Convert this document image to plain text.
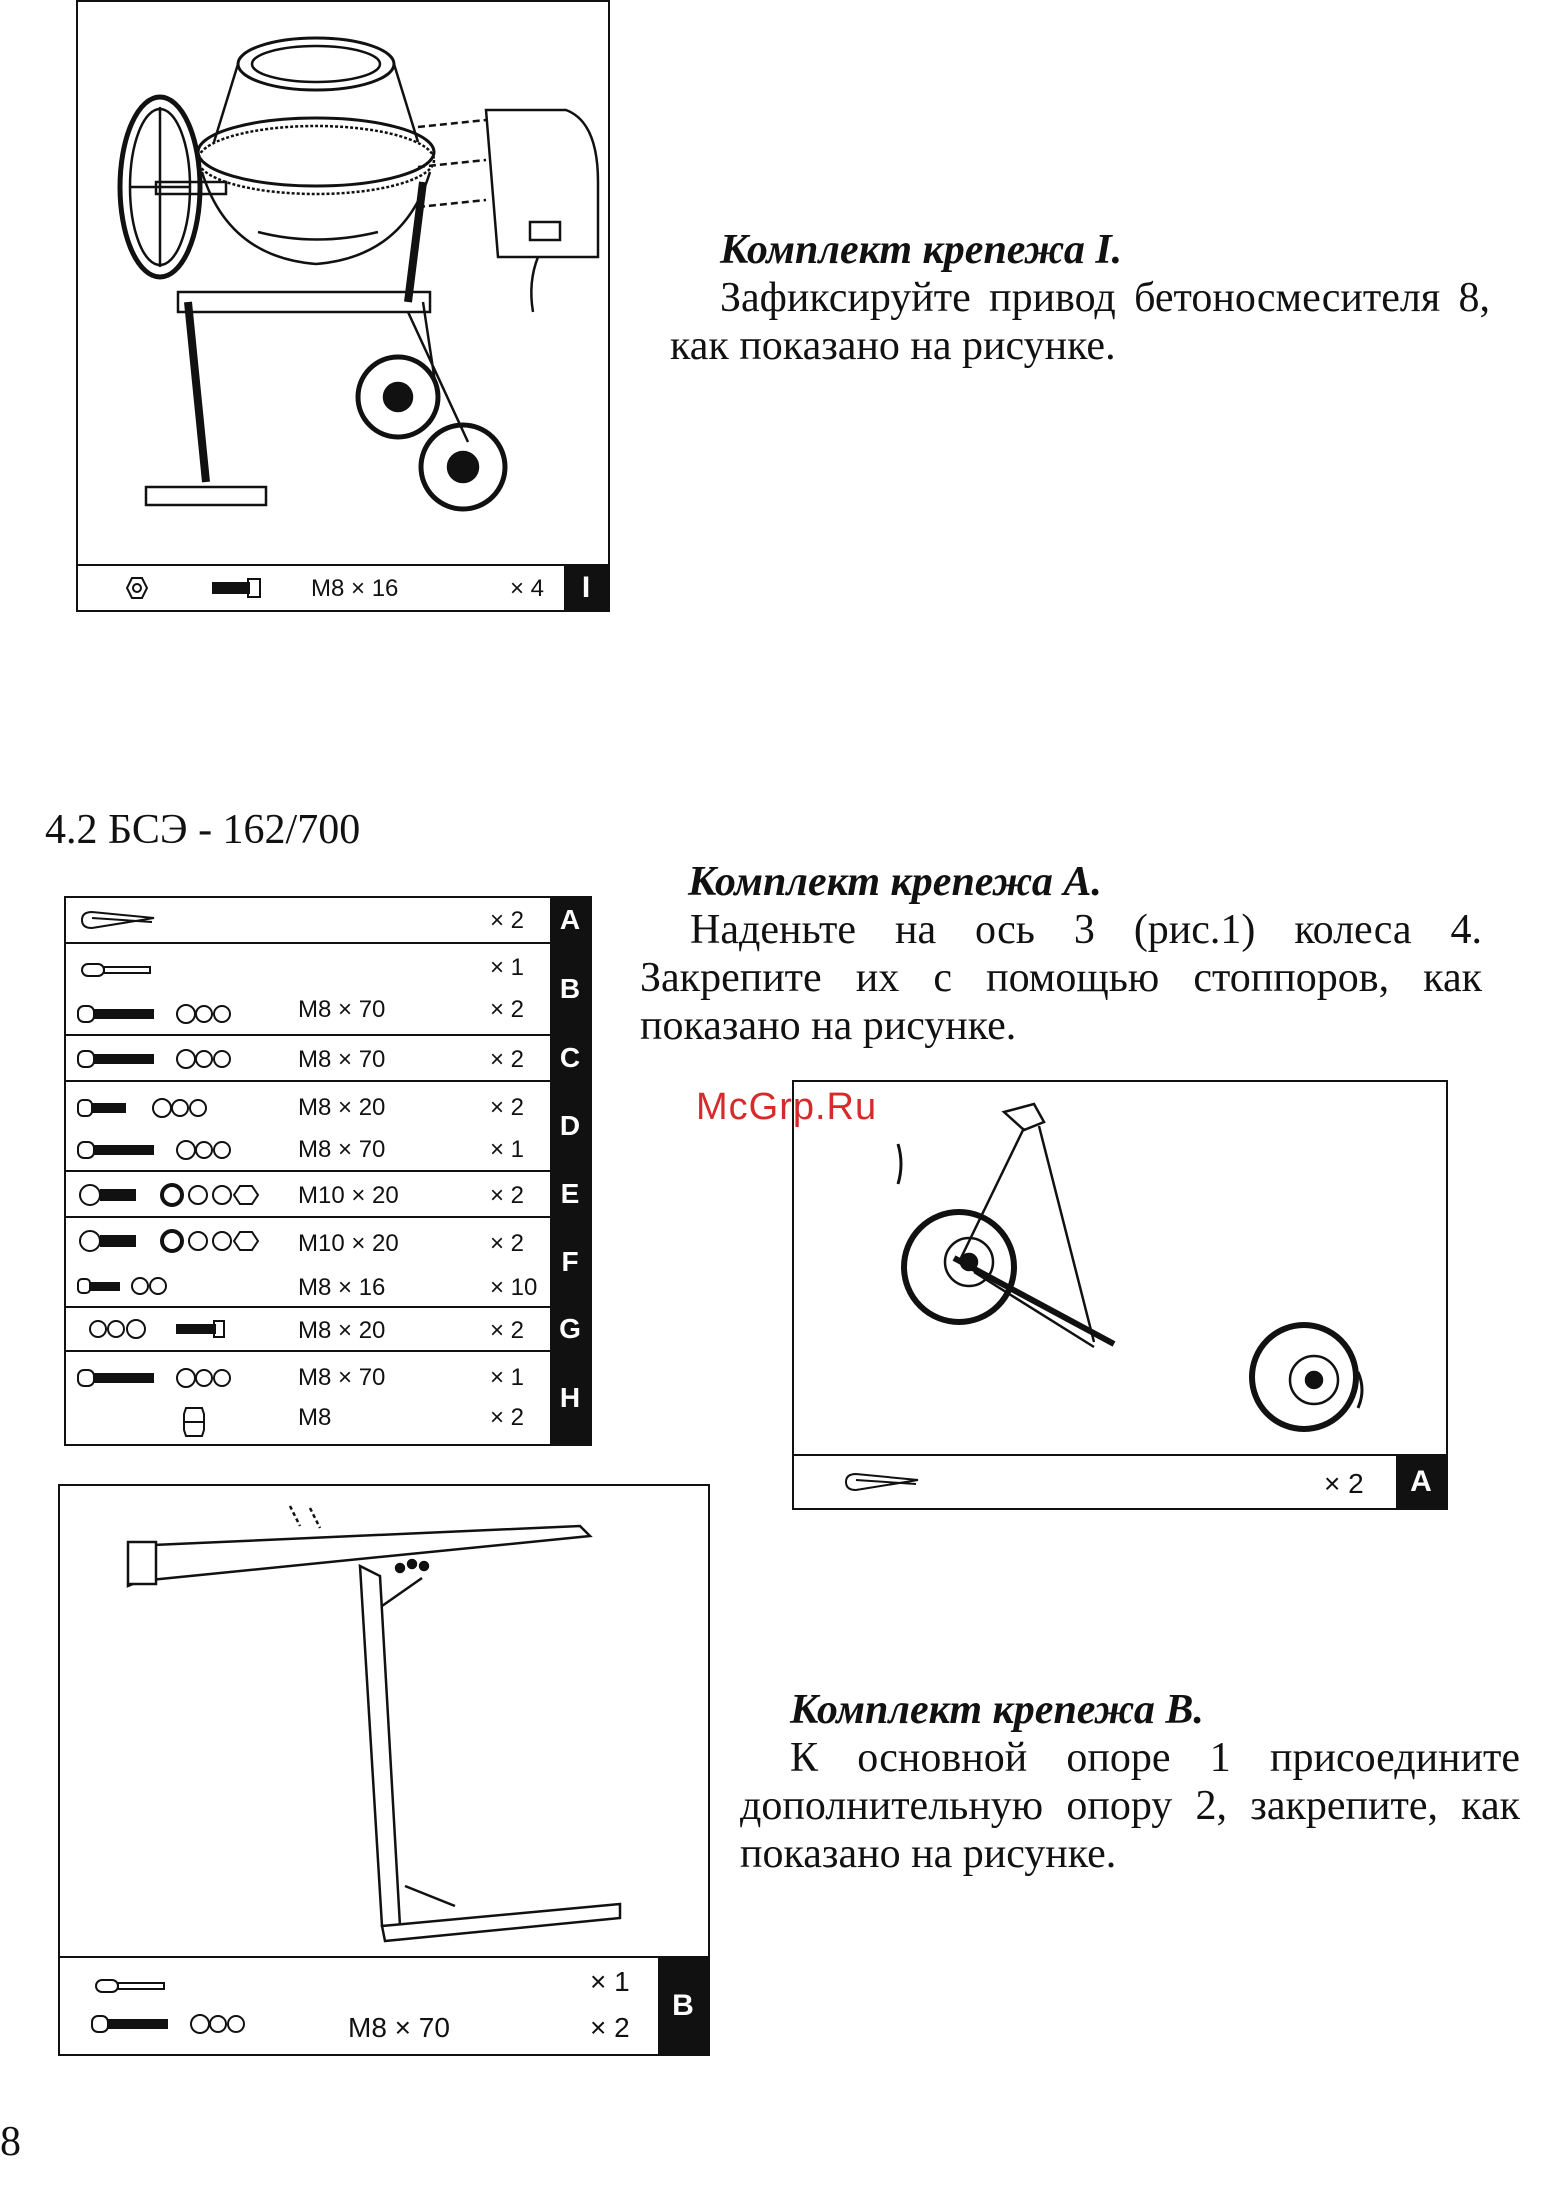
М8 × 16	× 4	I
Комплект крепежа I.
Зафиксируйте привод бетоносмесителя 8, как показано на рисунке.
4.2 БСЭ - 162/700
Комплект крепежа А.
Наденьте на ось 3 (рис.1) колеса 4. Закрепите их с помощью стоппоров, как показано на рисунке.
× 2	A
× 1
М8 × 70	× 2
B
М8 × 70	× 2	C
М8 × 20	× 2
М8 × 70	× 1
D
М10 × 20	× 2	E
М10 × 20	× 2
М8 × 16	× 10
F
М8 × 20	× 2	G
М8 × 70	× 1
М8	× 2
H
McGrp.Ru
× 2	A
× 1
М8 × 70	× 2
B
Комплект крепежа В.
К основной опоре 1 присоедините дополнительную опору 2, закрепите, как показано на рисунке.
8
